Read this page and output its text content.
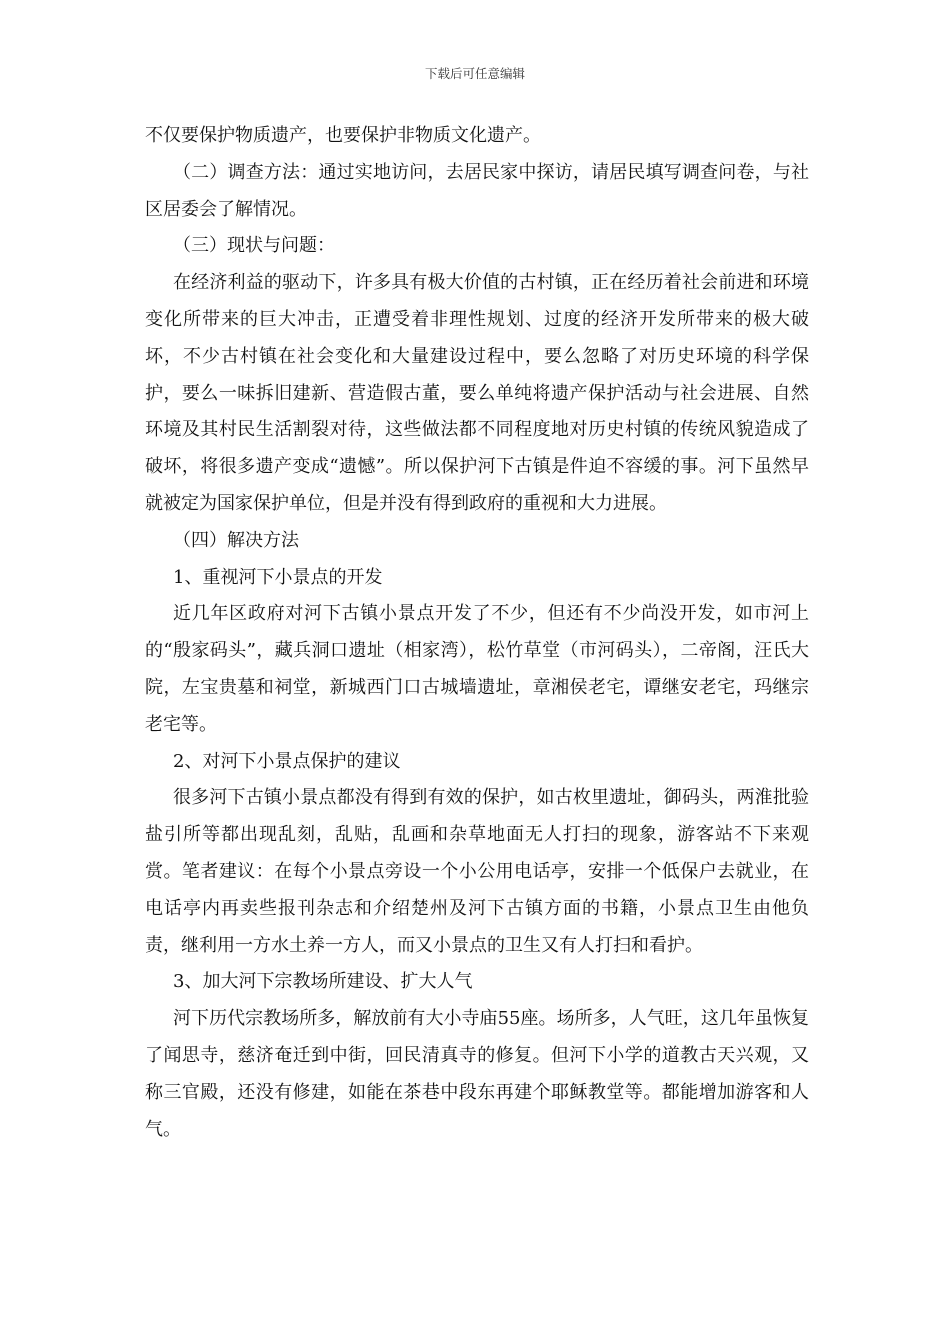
下载后可任意编辑

不仅要保护物质遗产，也要保护非物质文化遗产。

（二）调查方法：通过实地访问，去居民家中探访，请居民填写调查问卷，与社区居委会了解情况。

（三）现状与问题：

在经济利益的驱动下，许多具有极大价值的古村镇，正在经历着社会前进和环境变化所带来的巨大冲击，正遭受着非理性规划、过度的经济开发所带来的极大破坏，不少古村镇在社会变化和大量建设过程中，要么忽略了对历史环境的科学保护，要么一味拆旧建新、营造假古董，要么单纯将遗产保护活动与社会进展、自然环境及其村民生活割裂对待，这些做法都不同程度地对历史村镇的传统风貌造成了破坏，将很多遗产变成“遗憾”。所以保护河下古镇是件迫不容缓的事。河下虽然早就被定为国家保护单位，但是并没有得到政府的重视和大力进展。

（四）解决方法

1、重视河下小景点的开发

近几年区政府对河下古镇小景点开发了不少，但还有不少尚没开发，如市河上的“殷家码头”，藏兵洞口遗址（相家湾），松竹草堂（市河码头），二帝阁，汪氏大院，左宝贵墓和祠堂，新城西门口古城墙遗址，章湘侯老宅，谭继安老宅，玛继宗老宅等。

2、对河下小景点保护的建议

很多河下古镇小景点都没有得到有效的保护，如古枚里遗址，御码头，两淮批验盐引所等都出现乱刻，乱贴，乱画和杂草地面无人打扫的现象，游客站不下来观赏。笔者建议：在每个小景点旁设一个小公用电话亭，安排一个低保户去就业，在电话亭内再卖些报刊杂志和介绍楚州及河下古镇方面的书籍，小景点卫生由他负责，继利用一方水土养一方人，而又小景点的卫生又有人打扫和看护。

3、加大河下宗教场所建设、扩大人气

河下历代宗教场所多，解放前有大小寺庙55座。场所多，人气旺，这几年虽恢复了闻思寺，慈济奄迁到中街，回民清真寺的修复。但河下小学的道教古天兴观，又称三官殿，还没有修建，如能在茶巷中段东再建个耶稣教堂等。都能增加游客和人气。
